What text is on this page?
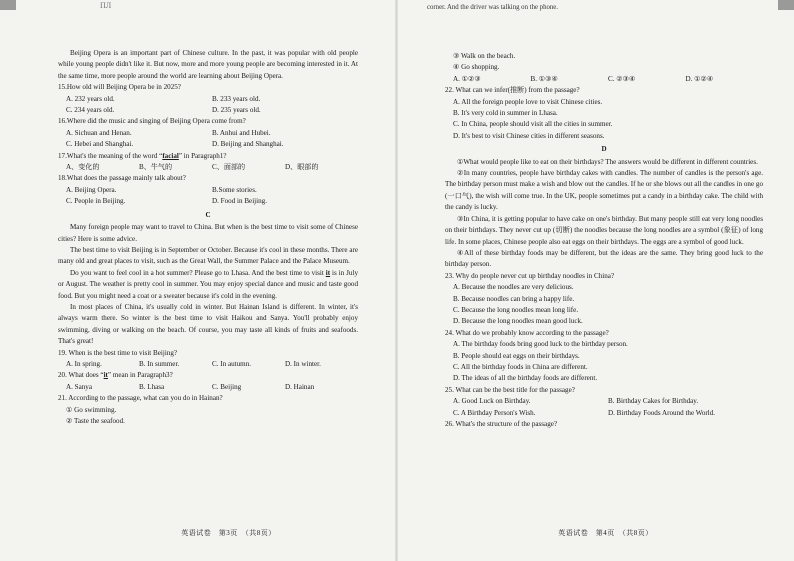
ПЛ

Beijing Opera is an important part of Chinese culture. In the past, it was popular with old people while young people didn't like it. But now, more and more young people are becoming interested in it. At the same time, more people around the world are learning about Beijing Opera.

15.How old will Beijing Opera be in 2025?

A. 232 years old.	B. 233 years old.
C. 234 years old.	D. 235 years old.

16.Where did the music and singing of Beijing Opera come from?

A. Sichuan and Henan.	B. Anhui and Hubei.
C. Hebei and Shanghai.	D. Beijing and Shanghai.

17.What's the meaning of the word “facial” in Paragraph1?

A、变化的	B、牛气的	C、面部的	D、眼部的

18.What does the passage mainly talk about?

A. Beijing Opera.	B.Some stories.
C. People in Beijing.	D. Food in Beijing.

C

Many foreign people may want to travel to China. But when is the best time to visit some of Chinese cities? Here is some advice.

The best time to visit Beijing is in September or October. Because it's cool in these months. There are many old and great places to visit, such as the Great Wall, the Summer Palace and the Palace Museum.

Do you want to feel cool in a hot summer? Please go to Lhasa. And the best time to visit it is in July or August. The weather is pretty cool in summer. You may enjoy special dance and music and taste good food. But you might need a coat or a sweater because it's cold in the evening.

In most places of China, it's usually cold in winter. But Hainan Island is different. In winter, it's always warm there. So winter is the best time to visit Haikou and Sanya. You'll probably enjoy swimming, diving or walking on the beach. Of course, you may taste all kinds of fruits and seafoods. That's great!

19. When is the best time to visit Beijing?

A. In spring.	B. In summer.	C. In autumn.	D. In winter.

20. What does “it” mean in Paragraph3?

A. Sanya	B. Lhasa	C. Beijing	D. Hainan

21. According to the passage, what can you do in Hainan?

① Go swimming.

② Taste the seafood.

英语试卷　第3页　（共8页）
corner. And the driver was talking on the phone.

③ Walk on the beach.

④ Go shopping.

A. ①②③	B. ①③④	C. ②③④	D. ①②④

22. What can we infer(推断) from the passage?

A. All the foreign people love to visit Chinese cities.

B. It's very cold in summer in Lhasa.

C. In China, people should visit all the cities in summer.

D. It's best to visit Chinese cities in different seasons.

D

①What would people like to eat on their birthdays? The answers would be different in different countries.

②In many countries, people have birthday cakes with candles. The number of candles is the person's age. The birthday person must make a wish and blow out the candles. If he or she blows out all the candles in one go (一口气), the wish will come true. In the UK, people sometimes put a candy in a birthday cake. The child with the candy is lucky.

③In China, it is getting popular to have cake on one's birthday. But many people still eat very long noodles on their birthdays. They never cut up (切断) the noodles because the long noodles are a symbol (象征) of long life. In some places, Chinese people also eat eggs on their birthdays. The eggs are a symbol of good luck.

④All of these birthday foods may be different, but the ideas are the same. They bring good luck to the birthday person.

23. Why do people never cut up birthday noodles in China?

A. Because the noodles are very delicious.

B. Because noodles can bring a happy life.

C. Because the long noodles mean long life.

D. Because the long noodles mean good luck.

24. What do we probably know according to the passage?

A. The birthday foods bring good luck to the birthday person.

B. People should eat eggs on their birthdays.

C. All the birthday foods in China are different.

D. The ideas of all the birthday foods are different.

25. What can be the best title for the passage?

A. Good Luck on Birthday.	B. Birthday Cakes for Birthday.
C. A Birthday Person's Wish.	D. Birthday Foods Around the World.

26. What's the structure of the passage?

英语试卷　第4页　（共8页）
